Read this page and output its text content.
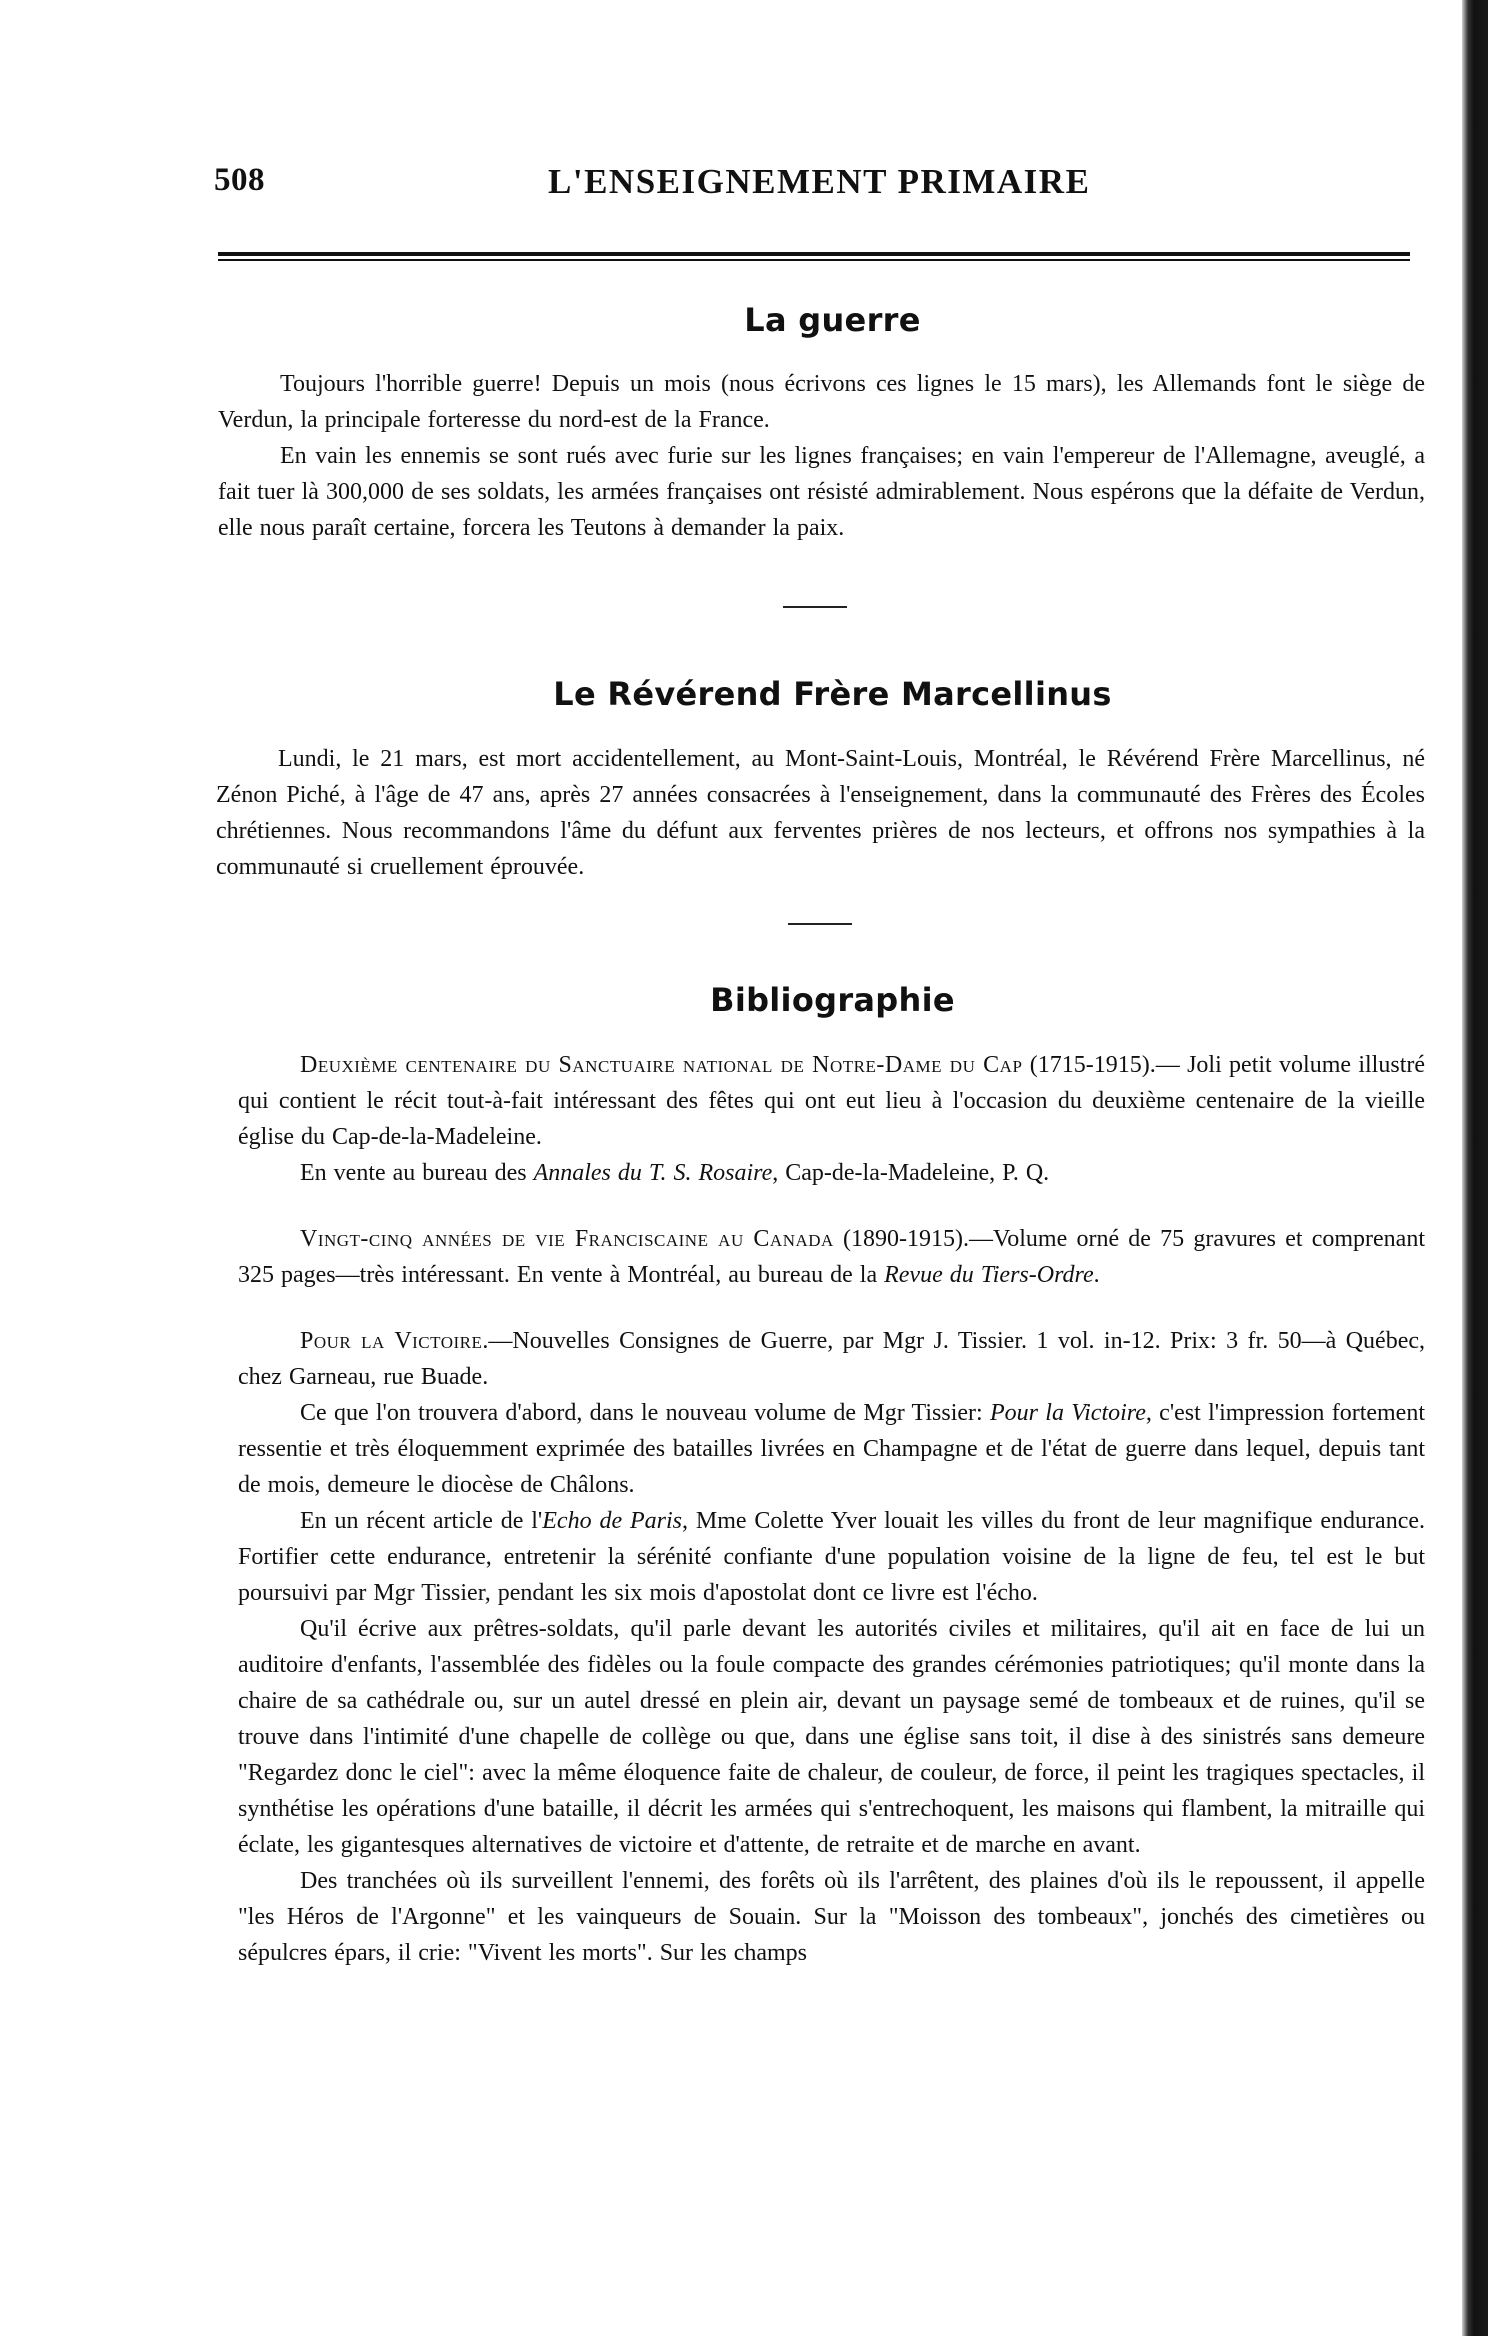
508	L'ENSEIGNEMENT PRIMAIRE
La guerre

Toujours l'horrible guerre! Depuis un mois (nous écrivons ces lignes le 15 mars), les Allemands font le siège de Verdun, la principale forteresse du nord-est de la France.

En vain les ennemis se sont rués avec furie sur les lignes françaises; en vain l'empereur de l'Allemagne, aveuglé, a fait tuer là 300,000 de ses soldats, les armées françaises ont résisté admirablement. Nous espérons que la défaite de Verdun, elle nous paraît certaine, forcera les Teutons à demander la paix.

Le Révérend Frère Marcellinus

Lundi, le 21 mars, est mort accidentellement, au Mont-Saint-Louis, Montréal, le Révérend Frère Marcellinus, né Zénon Piché, à l'âge de 47 ans, après 27 années consacrées à l'enseignement, dans la communauté des Frères des Écoles chrétiennes. Nous recommandons l'âme du défunt aux ferventes prières de nos lecteurs, et offrons nos sympathies à la communauté si cruellement éprouvée.

Bibliographie

Deuxième centenaire du Sanctuaire national de Notre-Dame du Cap (1715-1915).— Joli petit volume illustré qui contient le récit tout-à-fait intéressant des fêtes qui ont eut lieu à l'occasion du deuxième centenaire de la vieille église du Cap-de-la-Madeleine.

En vente au bureau des Annales du T. S. Rosaire, Cap-de-la-Madeleine, P. Q.

Vingt-cinq années de vie Franciscaine au Canada (1890-1915).—Volume orné de 75 gravures et comprenant 325 pages—très intéressant. En vente à Montréal, au bureau de la Revue du Tiers-Ordre.

Pour la Victoire.—Nouvelles Consignes de Guerre, par Mgr J. Tissier. 1 vol. in-12. Prix: 3 fr. 50—à Québec, chez Garneau, rue Buade.

Ce que l'on trouvera d'abord, dans le nouveau volume de Mgr Tissier: Pour la Victoire, c'est l'impression fortement ressentie et très éloquemment exprimée des batailles livrées en Champagne et de l'état de guerre dans lequel, depuis tant de mois, demeure le diocèse de Châlons.

En un récent article de l'Echo de Paris, Mme Colette Yver louait les villes du front de leur magnifique endurance. Fortifier cette endurance, entretenir la sérénité confiante d'une population voisine de la ligne de feu, tel est le but poursuivi par Mgr Tissier, pendant les six mois d'apostolat dont ce livre est l'écho.

Qu'il écrive aux prêtres-soldats, qu'il parle devant les autorités civiles et militaires, qu'il ait en face de lui un auditoire d'enfants, l'assemblée des fidèles ou la foule compacte des grandes cérémonies patriotiques; qu'il monte dans la chaire de sa cathédrale ou, sur un autel dressé en plein air, devant un paysage semé de tombeaux et de ruines, qu'il se trouve dans l'intimité d'une chapelle de collège ou que, dans une église sans toit, il dise à des sinistrés sans demeure "Regardez donc le ciel": avec la même éloquence faite de chaleur, de couleur, de force, il peint les tragiques spectacles, il synthétise les opérations d'une bataille, il décrit les armées qui s'entrechoquent, les maisons qui flambent, la mitraille qui éclate, les gigantesques alternatives de victoire et d'attente, de retraite et de marche en avant.

Des tranchées où ils surveillent l'ennemi, des forêts où ils l'arrêtent, des plaines d'où ils le repoussent, il appelle "les Héros de l'Argonne" et les vainqueurs de Souain. Sur la "Moisson des tombeaux", jonchés des cimetières ou sépulcres épars, il crie: "Vivent les morts". Sur les champs
